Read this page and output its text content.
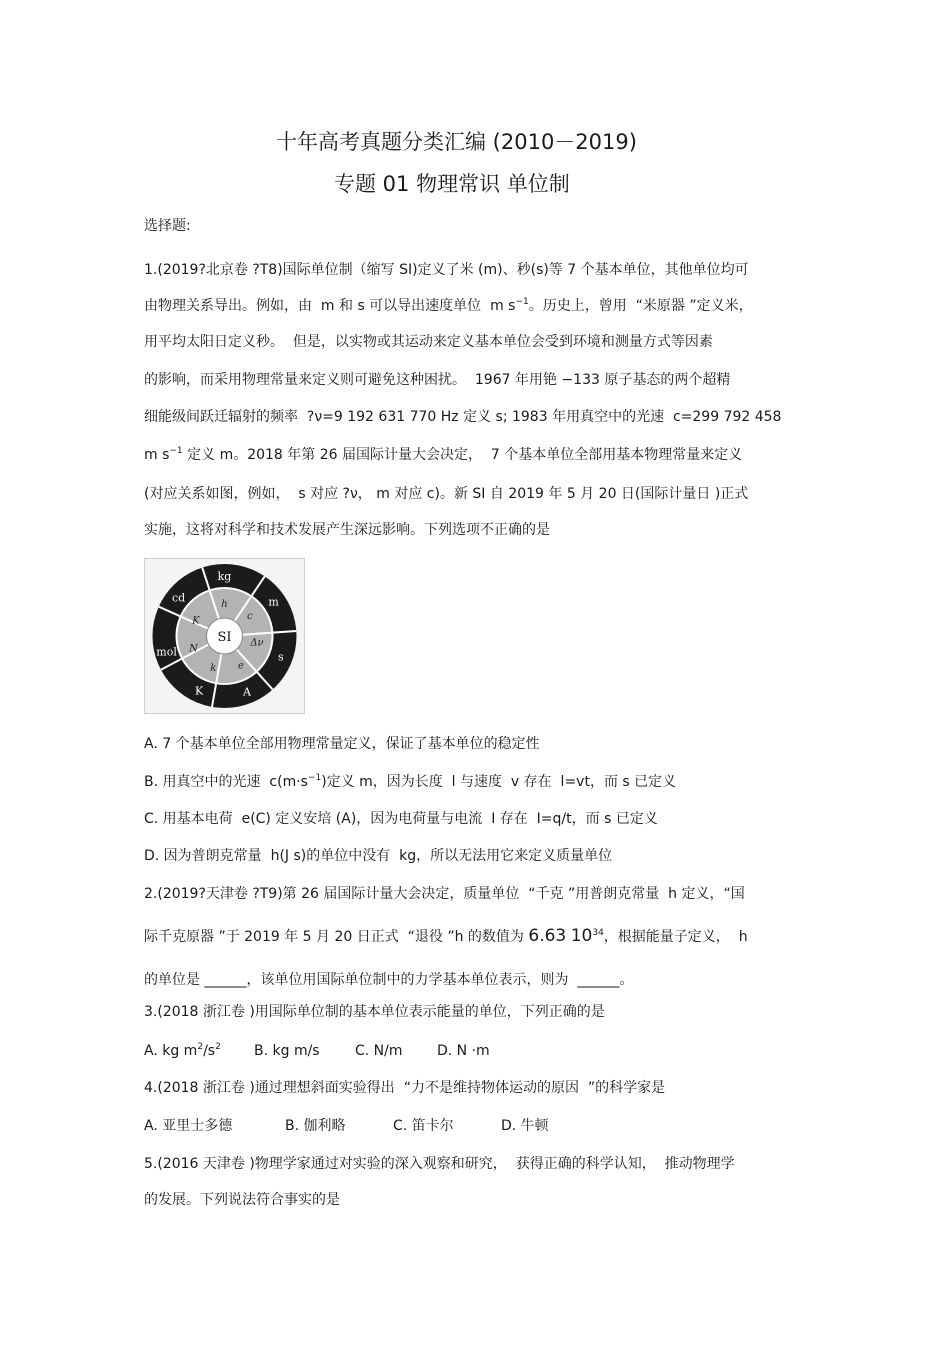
十年高考真题分类汇编 (2010－2019)
专题 01 物理常识 单位制
选择题:
1.(2019?北京卷 ?T8)国际单位制（缩写 SI)定义了米 (m)、秒(s)等 7 个基本单位，其他单位均可
由物理关系导出。例如，由  m 和 s 可以导出速度单位  m $s^{-1}$。历史上，曾用  “米原器 ”定义米，
用平均太阳日定义秒。  但是，以实物或其运动来定义基本单位会受到环境和测量方式等因素
的影响，而采用物理常量来定义则可避免这种困扰。  1967 年用铯 −133 原子基态的两个超精
细能级间跃迁辐射的频率  ?ν=9 192 631 770 Hz 定义 s; 1983 年用真空中的光速  c=299 792 458
m $s^{-1}$ 定义 m。2018 年第 26 届国际计量大会决定，  7 个基本单位全部用基本物理常量来定义
(对应关系如图，例如，  s 对应 ?ν， m 对应 c)。新 SI 自 2019 年 5 月 20 日(国际计量日 )正式
实施，这将对科学和技术发展产生深远影响。下列选项不正确的是
SI
kg
m
s
A
K
mol
cd
h
c
Δν
e
k
N
K
A. 7 个基本单位全部用物理常量定义，保证了基本单位的稳定性
B. 用真空中的光速  $c(m\cdot s^{-1})$定义 m，因为长度  l 与速度  v 存在  l=vt，而 s 已定义
C. 用基本电荷  e(C) 定义安培 (A)，因为电荷量与电流  I 存在  I=q/t，而 s 已定义
D. 因为普朗克常量  h(J s)的单位中没有  kg，所以无法用它来定义质量单位
2.(2019?天津卷 ?T9)第 26 届国际计量大会决定，质量单位  “千克 ”用普朗克常量  h 定义，“国
际千克原器 ”于 2019 年 5 月 20 日正式  “退役 ”h 的数值为 6.63 $10^{34}$，根据能量子定义，  h
的单位是 ______，该单位用国际单位制中的力学基本单位表示，则为  ______。
3.(2018 浙江卷 )用国际单位制的基本单位表示能量的单位，下列正确的是
A. kg $m^2/s^2$ B. kg m/s	C. N/m D. N ·m
4.(2018 浙江卷 )通过理想斜面实验得出  “力不是维持物体运动的原因  ”的科学家是
A. 亚里士多德	B. 伽利略	C. 笛卡尔	D. 牛顿
5.(2016 天津卷 )物理学家通过对实验的深入观察和研究，  获得正确的科学认知，  推动物理学
的发展。下列说法符合事实的是
